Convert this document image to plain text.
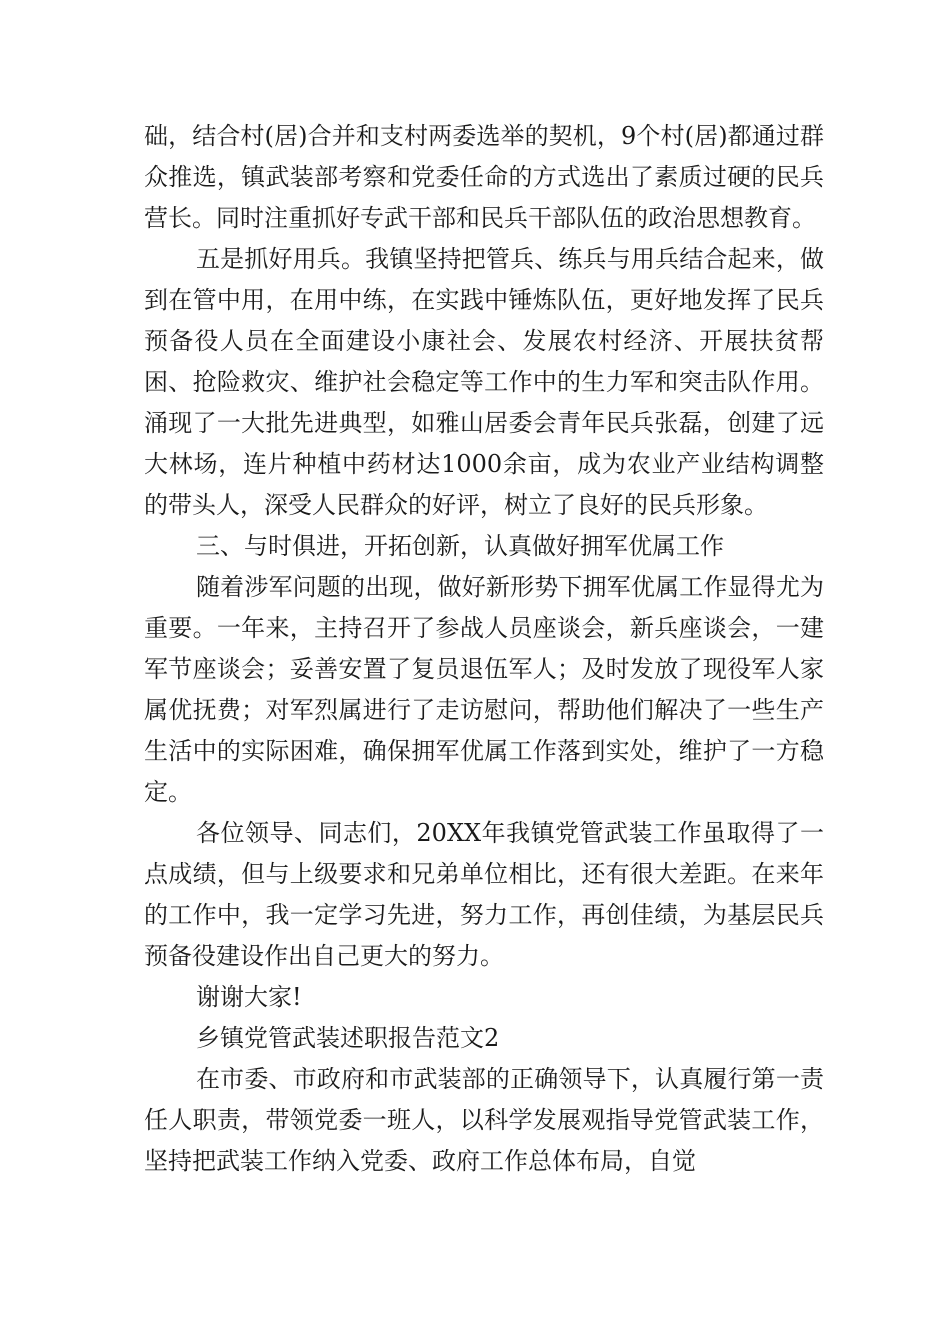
础，结合村(居)合并和支村两委选举的契机，9个村(居)都通过群众推选，镇武装部考察和党委任命的方式选出了素质过硬的民兵营长。同时注重抓好专武干部和民兵干部队伍的政治思想教育。

五是抓好用兵。我镇坚持把管兵、练兵与用兵结合起来，做到在管中用，在用中练，在实践中锤炼队伍，更好地发挥了民兵预备役人员在全面建设小康社会、发展农村经济、开展扶贫帮困、抢险救灾、维护社会稳定等工作中的生力军和突击队作用。涌现了一大批先进典型，如雅山居委会青年民兵张磊，创建了远大林场，连片种植中药材达1000余亩，成为农业产业结构调整的带头人，深受人民群众的好评，树立了良好的民兵形象。

三、与时俱进，开拓创新，认真做好拥军优属工作

随着涉军问题的出现，做好新形势下拥军优属工作显得尤为重要。一年来，主持召开了参战人员座谈会，新兵座谈会，一建军节座谈会；妥善安置了复员退伍军人；及时发放了现役军人家属优抚费；对军烈属进行了走访慰问，帮助他们解决了一些生产生活中的实际困难，确保拥军优属工作落到实处，维护了一方稳定。

各位领导、同志们，20XX年我镇党管武装工作虽取得了一点成绩，但与上级要求和兄弟单位相比，还有很大差距。在来年的工作中，我一定学习先进，努力工作，再创佳绩，为基层民兵预备役建设作出自己更大的努力。

谢谢大家!

乡镇党管武装述职报告范文2

在市委、市政府和市武装部的正确领导下，认真履行第一责任人职责，带领党委一班人，以科学发展观指导党管武装工作，坚持把武装工作纳入党委、政府工作总体布局，自觉
